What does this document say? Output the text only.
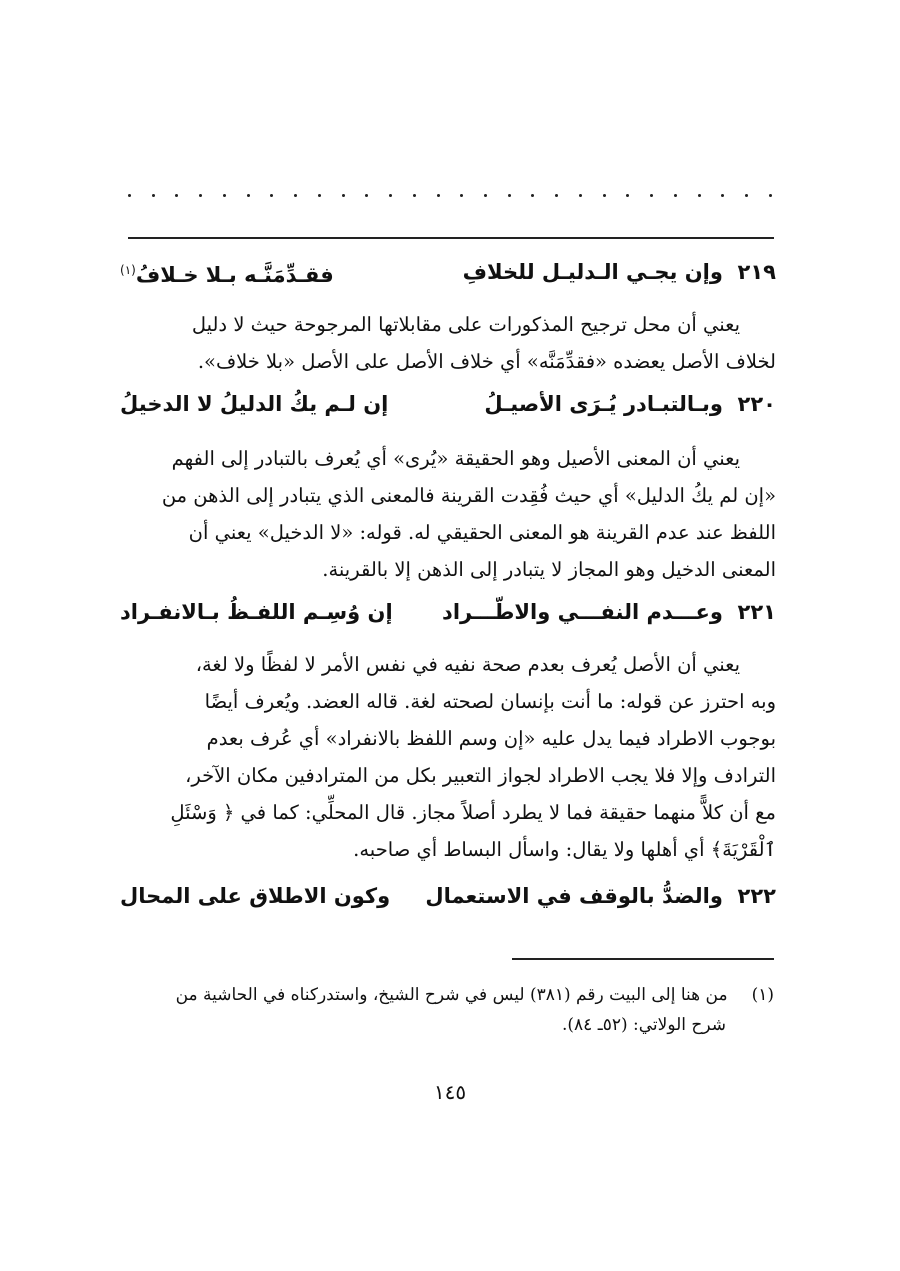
٢١٩  وإن يجـي الـدليـل للخلافِ
فقـدِّمَنَّـه بـلا خـلافُ$^{(١)}$
يعني أن محل ترجيح المذكورات على مقابلاتها المرجوحة حيث لا دليل
لخلاف الأصل يعضده «فقدِّمَنَّه» أي خلاف الأصل على الأصل «بلا خلاف».
٢٢٠  وبـالتبـادر يُـرَى الأصيـلُ
إن لـم يكُ الدليلُ لا الدخيلُ
يعني أن المعنى الأصيل وهو الحقيقة «يُرى» أي يُعرف بالتبادر إلى الفهم
«إن لم يكُ الدليل» أي حيث فُقِدت القرينة فالمعنى الذي يتبادر إلى الذهن من
اللفظ عند عدم القرينة هو المعنى الحقيقي له. قوله: «لا الدخيل» يعني أن
المعنى الدخيل وهو المجاز لا يتبادر إلى الذهن إلا بالقرينة.
٢٢١  وعـــدم النفـــي والاطّـــراد
إن وُسِـم اللفـظُ بـالانفـراد
يعني أن الأصل يُعرف بعدم صحة نفيه في نفس الأمر لا لفظًا ولا لغة،
وبه احترز عن قوله: ما أنت بإنسان لصحته لغة. قاله العضد. ويُعرف أيضًا
بوجوب الاطراد فيما يدل عليه «إن وسم اللفظ بالانفراد» أي عُرف بعدم
الترادف وإلا فلا يجب الاطراد لجواز التعبير بكل من المترادفين مكان الآخر،
مع أن كلاًّ منهما حقيقة فما لا يطرد أصلاً مجاز. قال المحلِّي: كما في ﴿ وَسْئَلِ
ٱلْقَرْيَةَ﴾ أي أهلها ولا يقال: واسأل البساط أي صاحبه.
٢٢٢  والضدُّ بالوقف في الاستعمال
وكون الاطلاق على المحال
(١)من هنا إلى البيت رقم (٣٨١) ليس في شرح الشيخ، واستدركناه في الحاشية من
شرح الولاتي: (٥٢ـ ٨٤).
١٤٥
